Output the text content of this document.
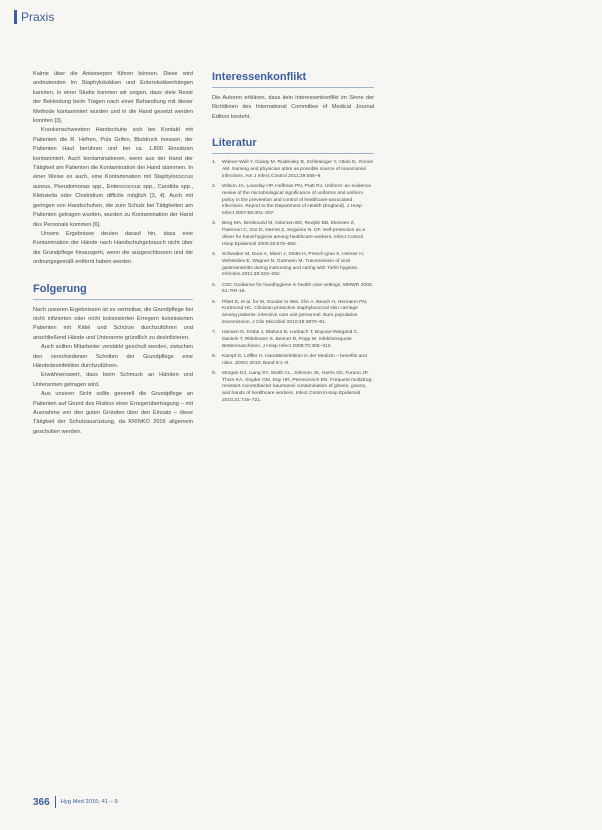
Praxis

Kalme über die Antwoerpen führen können. Diese wird andeutenden Im Staphylokokken und Enterokokkenhängen kannten, in einer Studie konnten wir zeigen, dass viele Reste der Bekleidung beim Tragen nach einer Behandlung mit dieser Methode kontaminiert wurden und in die Hand gesetzt werden konnten [3].

Krankenschwestern Handschuhe sich bei Kontakt mit Patienten die R. Hefren, Puls Grifen, Blutdruck messen, der Patienten Haut berühren und bei ca. 1.800 Einsätzen kontaminiert. Auch kontaminationen, wenn aus der Hand der Tätigkeit am Patienten die Kontamination der Hand stammen. In einer Weise es auch, eine Kontamination mit Staphylococcus aureus, Pseudomonas spp., Enterococcus spp., Candida spp., Klebsiella oder Clostridium difficile möglich [3, 4]. Auch mit geringen von Handschuhen, die zum Schutz bei Tätigkeiten am Patienten getragen wurden, wurden zu Kontamination der Hand des Personals kommen [6].

Unsere Ergebnisse deuten darauf hin, dass eine Kontamination der Hände nach Handschuhgebrauch nicht über die Grundpflege hinausgeht, wenn die ausgeschlossen und die ordnungsgemäß entfernt haben werden.

Folgerung

Nach unseren Ergebnissen ist es vertretbar, die Grundpflege bei nicht infizierten oder nicht kolonisierten Erregern kolonisierten Patienten mit Kittel und Schürze durchzuführen und anschließend Hände und Unterarme gründlich zu desinfizieren.

Auch sollten Mitarbeiter verstärkt geschult werden, zwischen den verschiedenen Schritten der Grundpflege eine Händedesinfektion durchzuführen.

Erwähnenswert, dass beim Schmuck an Händen und Unterarmen getragen wird.

Aus unserer Sicht sollte generell die Grundpflege an Patienten auf Grund des Risikos einer Erregerübertragung – mit Ausnahme von den guten Gründen über den Einsatz – diese Tätigkeit der Schutzausrüstung, da KRINKO 2016 allgemein geschulten werden.

Interessenkonflikt

Die Autoren erklären, dass kein Interessenkonflikt im Sinne der Richtlinien des International Committee of Medical Journal Editors besteht.

Literatur
1.	Wiener-Well Y, Galuty M, Rudensky B, Schlesinger Y, Attias D, Yinnon AM. Nursing and physician attire as possible source of nosocomial infections. Am J Infect Control 2011;39:555–9.
2.	Wilson JA, Loveday HP, Hoffman PN, Pratt RJ. Uniform: an evidence review of the microbiological significance of uniforms and uniform policy in the prevention and control of healthcare-associated infections. Report to the Department of Health (England). J Hosp Infect 2007;66:301–307.
3.	Berg MA, Benbouzid M, Odorsen BD, Redjeb BB, Eleissen Z, Paternon C, Gür D, Dernet Z, Seguinor N. DF. Self-protection as a driver for hand-hygiene among healthcare workers. Infect Control Hosp Epidemiol 2009;30:575–580.
4.	Schwaber M, Duor A, Mann J, Stotts H, Presch-gras S, Helmer H, Wehtedies E, Wagner N, Gutmann M. Transmission of viral gastroenteritis during instructing and caring with Tiefel hygiene. Infection 2011;39:333–292.
5.	CDC Guidance for handhygiene in health care settings. MMWR 2002; 51: RR-16.
6.	Pittet D, et al. for M, Goodor to Wei. Clin A. Beach H, Hermann PN, Kortmond HC. Clinician protective staphylococcal skin carriage among patients: intensive care unit personnel. Burn population transmission. J Clin Microbiol 2010;48:3870–81.
7.	Hansen D, Krabs J, Blahout B, Loebach T, Boyuan-Wiegand C, Daniels T, Rittelmann S, Benner D, Popp W. Infektionsquote Bettenmaschinen. J Hosp Infect 2008;70:305–312.
8.	Kampf G, Löffler H. Handdesinfektion in der Medizin – benefits and risks. JDDG 2010; Band 8:1–8.
9.	Morgan DJ, Liang SY, Smith CL, Johnson JK, Harris AD, Furuno JP, Thom KA, Snyder GM, Day HR, Perencevich EN. Frequent multidrug-resistant Acinetobacter baumannii contamination of gloves, gowns, and hands of healthcare workers. Infect Control Hosp Epidemiol 2010;31:716–721.
366 Hyg Med 2016; 41 – 9
